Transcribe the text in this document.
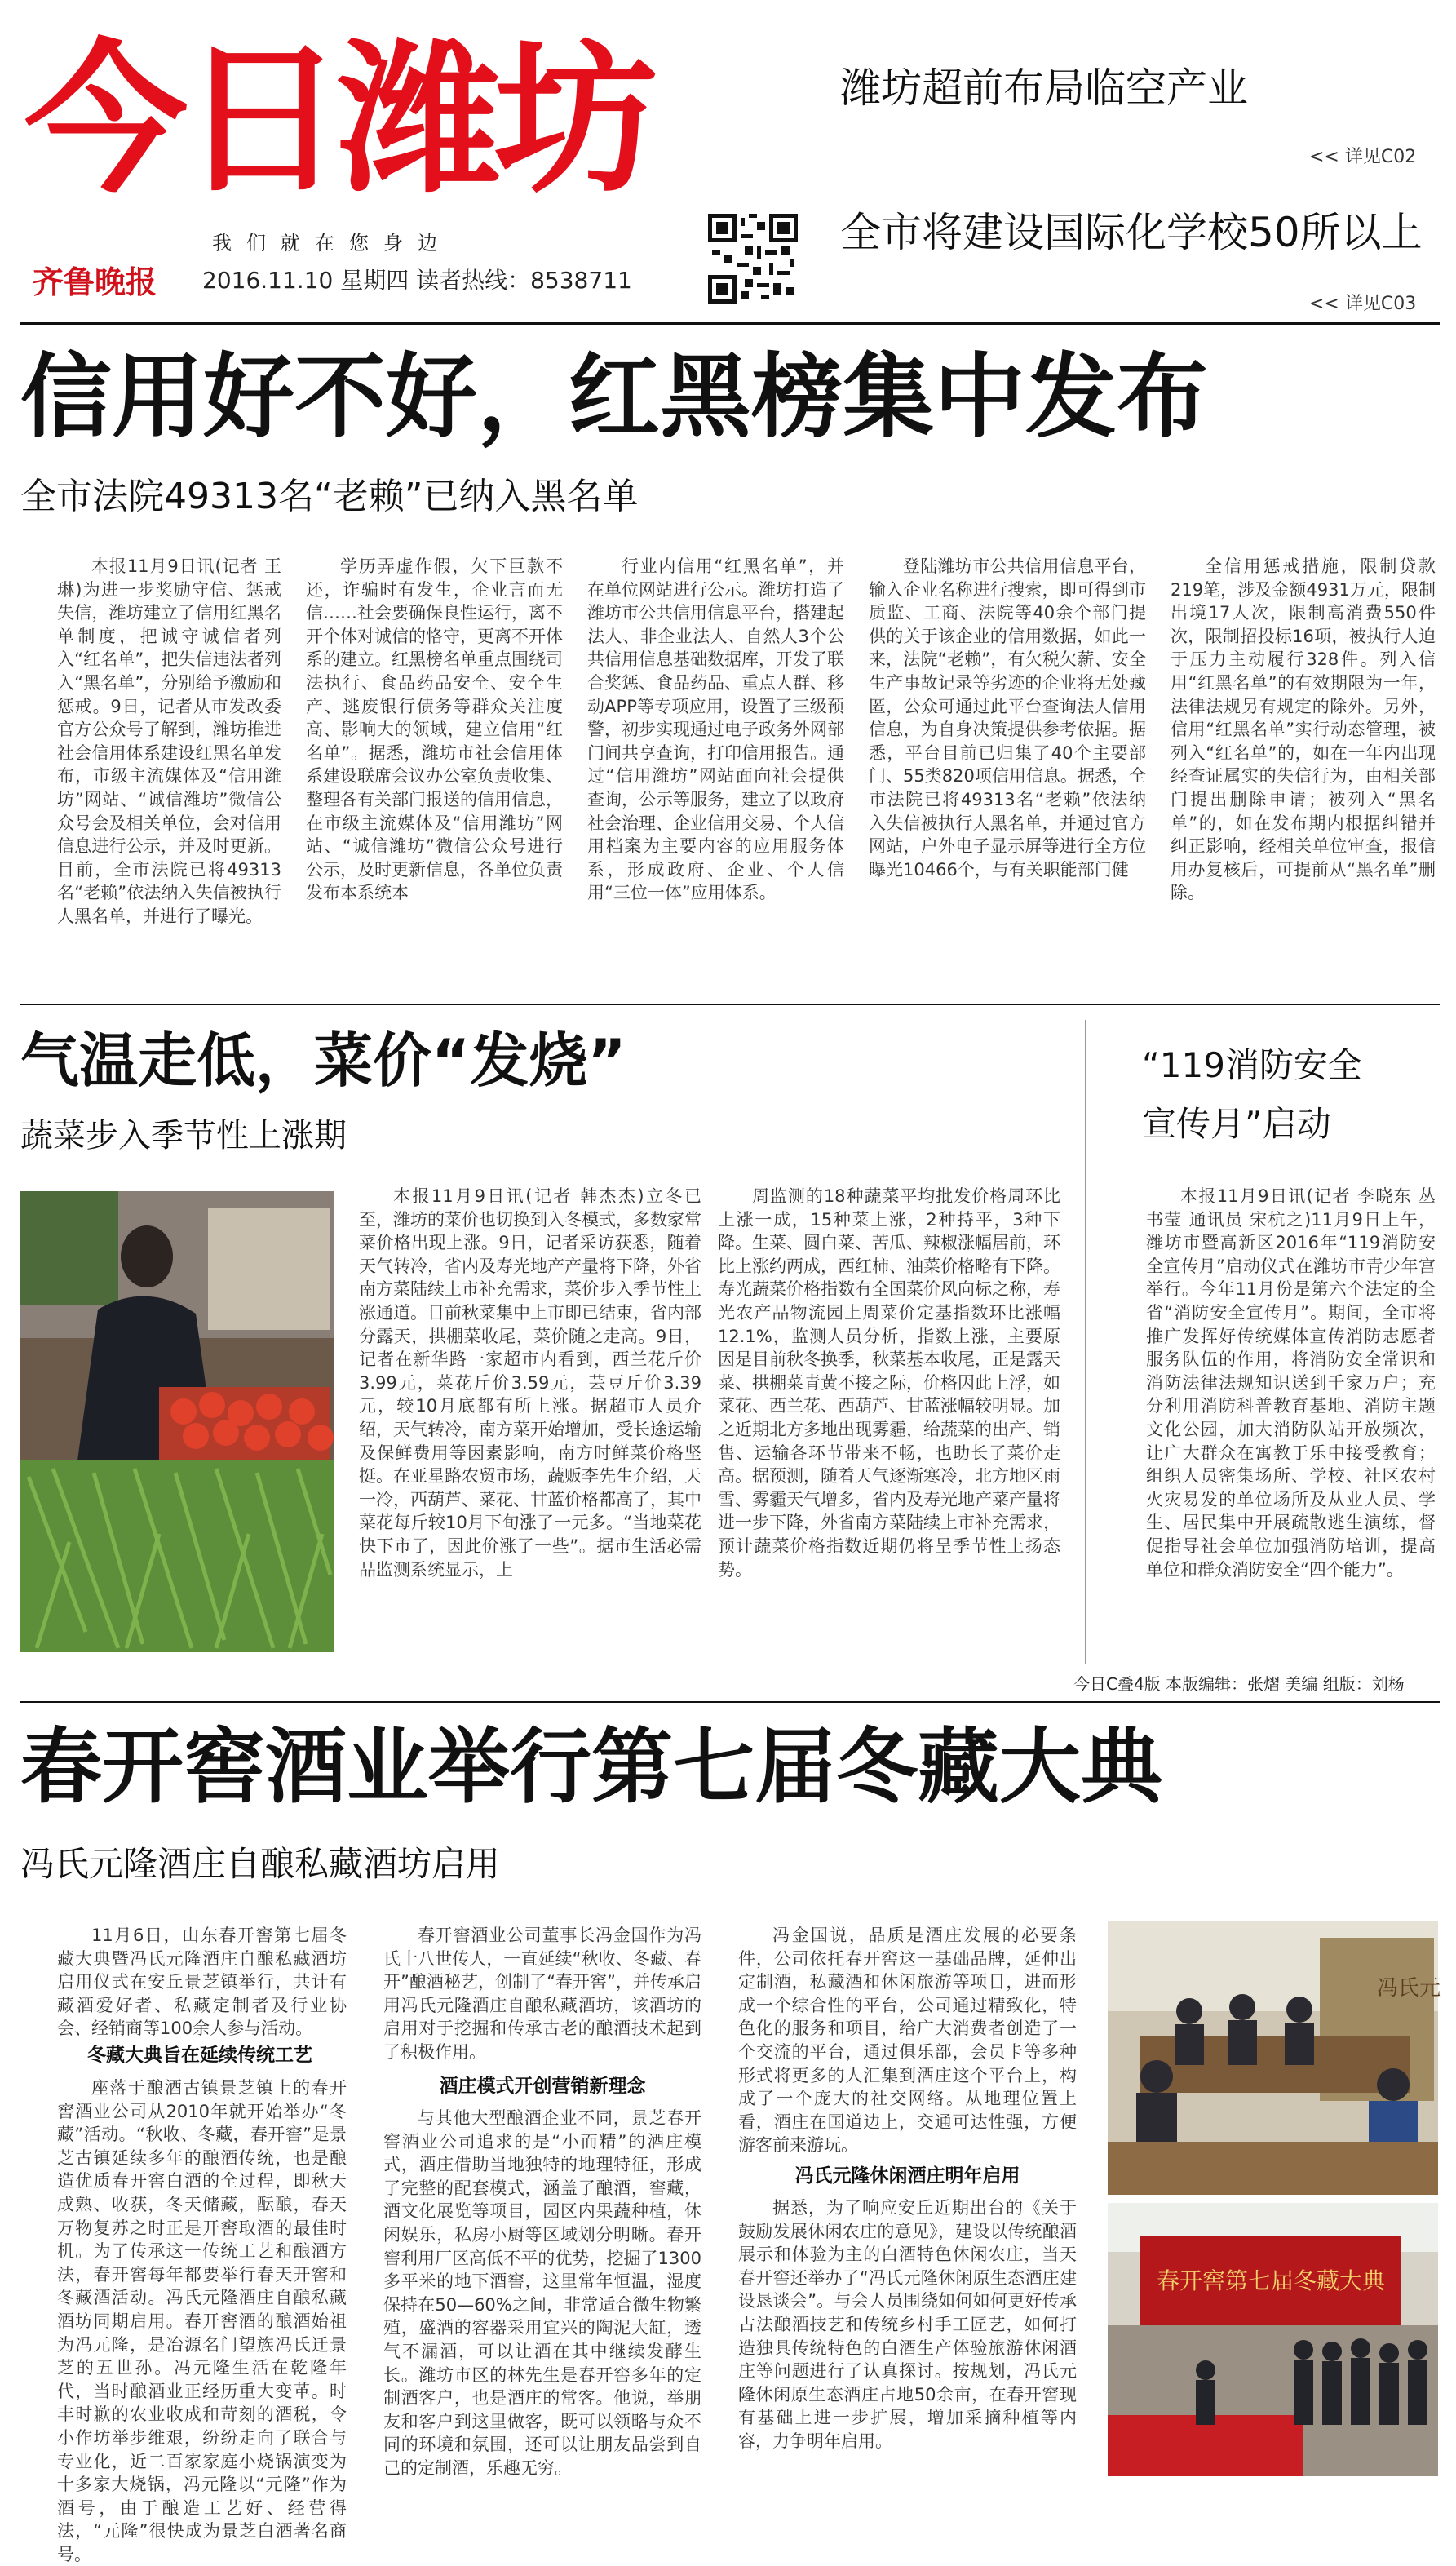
今日潍坊
我们就在您身边
齐鲁晚报 2016.11.10 星期四 读者热线：8538711
潍坊超前布局临空产业
<< 详见C02
全市将建设国际化学校50所以上
<< 详见C03
信用好不好，红黑榜集中发布
全市法院49313名“老赖”已纳入黑名单

本报11月9日讯(记者 王琳)为进一步奖励守信、惩戒失信，潍坊建立了信用红黑名单制度，把诚守诚信者列入“红名单”，把失信违法者列入“黑名单”，分别给予激励和惩戒。9日，记者从市发改委官方公众号了解到，潍坊推进社会信用体系建设红黑名单发布，市级主流媒体及“信用潍坊”网站、“诚信潍坊”微信公众号会及相关单位，会对信用信息进行公示，并及时更新。目前，全市法院已将49313名“老赖”依法纳入失信被执行人黑名单，并进行了曝光。

学历弄虚作假，欠下巨款不还，诈骗时有发生，企业言而无信……社会要确保良性运行，离不开个体对诚信的恪守，更离不开体系的建立。红黑榜名单重点围绕司法执行、食品药品安全、安全生产、逃废银行债务等群众关注度高、影响大的领域，建立信用“红名单”。据悉，潍坊市社会信用体系建设联席会议办公室负责收集、整理各有关部门报送的信用信息，在市级主流媒体及“信用潍坊”网站、“诚信潍坊”微信公众号进行公示，及时更新信息，各单位负责发布本系统本

行业内信用“红黑名单”，并在单位网站进行公示。潍坊打造了潍坊市公共信用信息平台，搭建起法人、非企业法人、自然人3个公共信用信息基础数据库，开发了联合奖惩、食品药品、重点人群、移动APP等专项应用，设置了三级预警，初步实现通过电子政务外网部门间共享查询，打印信用报告。通过“信用潍坊”网站面向社会提供查询，公示等服务，建立了以政府社会治理、企业信用交易、个人信用档案为主要内容的应用服务体系，形成政府、企业、个人信用“三位一体”应用体系。

登陆潍坊市公共信用信息平台，输入企业名称进行搜索，即可得到市质监、工商、法院等40余个部门提供的关于该企业的信用数据，如此一来，法院“老赖”，有欠税欠薪、安全生产事故记录等劣迹的企业将无处藏匿，公众可通过此平台查询法人信用信息，为自身决策提供参考依据。据悉，平台目前已归集了40个主要部门、55类820项信用信息。据悉，全市法院已将49313名“老赖”依法纳入失信被执行人黑名单，并通过官方网站，户外电子显示屏等进行全方位曝光10466个，与有关职能部门健

全信用惩戒措施，限制贷款219笔，涉及金额4931万元，限制出境17人次，限制高消费550件次，限制招投标16项，被执行人迫于压力主动履行328件。列入信用“红黑名单”的有效期限为一年，法律法规另有规定的除外。另外，信用“红黑名单”实行动态管理，被列入“红名单”的，如在一年内出现经查证属实的失信行为，由相关部门提出删除申请；被列入“黑名单”的，如在发布期内根据纠错并纠正影响，经相关单位审查，报信用办复核后，可提前从“黑名单”删除。

气温走低，菜价“发烧”
蔬菜步入季节性上涨期

本报11月9日讯(记者 韩杰杰)立冬已至，潍坊的菜价也切换到入冬模式，多数家常菜价格出现上涨。9日，记者采访获悉，随着天气转冷，省内及寿光地产产量将下降，外省南方菜陆续上市补充需求，菜价步入季节性上涨通道。目前秋菜集中上市即已结束，省内部分露天，拱棚菜收尾，菜价随之走高。9日，记者在新华路一家超市内看到，西兰花斤价3.99元，菜花斤价3.59元，芸豆斤价3.39元，较10月底都有所上涨。据超市人员介绍，天气转冷，南方菜开始增加，受长途运输及保鲜费用等因素影响，南方时鲜菜价格坚挺。在亚星路农贸市场，蔬贩李先生介绍，天一冷，西葫芦、菜花、甘蓝价格都高了，其中菜花每斤较10月下旬涨了一元多。“当地菜花快下市了，因此价涨了一些”。据市生活必需品监测系统显示，上

周监测的18种蔬菜平均批发价格周环比上涨一成，15种菜上涨，2种持平，3种下降。生菜、圆白菜、苦瓜、辣椒涨幅居前，环比上涨约两成，西红柿、油菜价格略有下降。寿光蔬菜价格指数有全国菜价风向标之称，寿光农产品物流园上周菜价定基指数环比涨幅12.1%，监测人员分析，指数上涨，主要原因是目前秋冬换季，秋菜基本收尾，正是露天菜、拱棚菜青黄不接之际，价格因此上浮，如菜花、西兰花、西葫芦、甘蓝涨幅较明显。加之近期北方多地出现雾霾，给蔬菜的出产、销售、运输各环节带来不畅，也助长了菜价走高。据预测，随着天气逐渐寒冷，北方地区雨雪、雾霾天气增多，省内及寿光地产菜产量将进一步下降，外省南方菜陆续上市补充需求，预计蔬菜价格指数近期仍将呈季节性上扬态势。

“119消防安全
宣传月”启动

本报11月9日讯(记者 李晓东 丛书莹 通讯员 宋杭之)11月9日上午，潍坊市暨高新区2016年“119消防安全宣传月”启动仪式在潍坊市青少年宫举行。今年11月份是第六个法定的全省“消防安全宣传月”。期间，全市将推广发挥好传统媒体宣传消防志愿者服务队伍的作用，将消防安全常识和消防法律法规知识送到千家万户；充分利用消防科普教育基地、消防主题文化公园，加大消防队站开放频次，让广大群众在寓教于乐中接受教育；组织人员密集场所、学校、社区农村火灾易发的单位场所及从业人员、学生、居民集中开展疏散逃生演练，督促指导社会单位加强消防培训，提高单位和群众消防安全“四个能力”。

今日C叠4版 本版编辑：张熠 美编 组版：刘杨
春开窖酒业举行第七届冬藏大典
冯氏元隆酒庄自酿私藏酒坊启用

11月6日，山东春开窖第七届冬藏大典暨冯氏元隆酒庄自酿私藏酒坊启用仪式在安丘景芝镇举行，共计有藏酒爱好者、私藏定制者及行业协会、经销商等100余人参与活动。

冬藏大典旨在延续传统工艺

座落于酿酒古镇景芝镇上的春开窖酒业公司从2010年就开始举办“冬藏”活动。“秋收、冬藏，春开窖”是景芝古镇延续多年的酿酒传统，也是酿造优质春开窖白酒的全过程，即秋天成熟、收获，冬天储藏，酝酿，春天万物复苏之时正是开窖取酒的最佳时机。为了传承这一传统工艺和酿酒方法，春开窖每年都要举行春天开窖和冬藏酒活动。冯氏元隆酒庄自酿私藏酒坊同期启用。春开窖酒的酿酒始祖为冯元隆，是冶源名门望族冯氏迁景芝的五世孙。冯元隆生活在乾隆年代，当时酿酒业正经历重大变革。时丰时歉的农业收成和苛刻的酒税，令小作坊举步维艰，纷纷走向了联合与专业化，近二百家家庭小烧锅演变为十多家大烧锅，冯元隆以“元隆”作为酒号，由于酿造工艺好、经营得法，“元隆”很快成为景芝白酒著名商号。

春开窖酒业公司董事长冯金国作为冯氏十八世传人，一直延续“秋收、冬藏、春开”酿酒秘艺，创制了“春开窖”，并传承启用冯氏元隆酒庄自酿私藏酒坊，该酒坊的启用对于挖掘和传承古老的酿酒技术起到了积极作用。

酒庄模式开创营销新理念

与其他大型酿酒企业不同，景芝春开窖酒业公司追求的是“小而精”的酒庄模式，酒庄借助当地独特的地理特征，形成了完整的配套模式，涵盖了酿酒，窖藏，酒文化展览等项目，园区内果蔬种植，休闲娱乐，私房小厨等区域划分明晰。春开窖利用厂区高低不平的优势，挖掘了1300多平米的地下酒窖，这里常年恒温，湿度保持在50—60%之间，非常适合微生物繁殖，盛酒的容器采用宜兴的陶泥大缸，透气不漏酒，可以让酒在其中继续发酵生长。潍坊市区的林先生是春开窖多年的定制酒客户，也是酒庄的常客。他说，举朋友和客户到这里做客，既可以领略与众不同的环境和氛围，还可以让朋友品尝到自己的定制酒，乐趣无穷。

冯金国说，品质是酒庄发展的必要条件，公司依托春开窖这一基础品牌，延伸出定制酒，私藏酒和休闲旅游等项目，进而形成一个综合性的平台，公司通过精致化，特色化的服务和项目，给广大消费者创造了一个交流的平台，通过俱乐部，会员卡等多种形式将更多的人汇集到酒庄这个平台上，构成了一个庞大的社交网络。从地理位置上看，酒庄在国道边上，交通可达性强，方便游客前来游玩。

冯氏元隆休闲酒庄明年启用

据悉，为了响应安丘近期出台的《关于鼓励发展休闲农庄的意见》，建设以传统酿酒展示和体验为主的白酒特色休闲农庄，当天春开窖还举办了“冯氏元隆休闲原生态酒庄建设恳谈会”。与会人员围绕如何如何更好传承古法酿酒技艺和传统乡村手工匠艺，如何打造独具传统特色的白酒生产体验旅游休闲酒庄等问题进行了认真探讨。按规划，冯氏元隆休闲原生态酒庄占地50余亩，在春开窖现有基础上进一步扩展，增加采摘种植等内容，力争明年启用。

冯氏元
春开窖第七届冬藏大典
